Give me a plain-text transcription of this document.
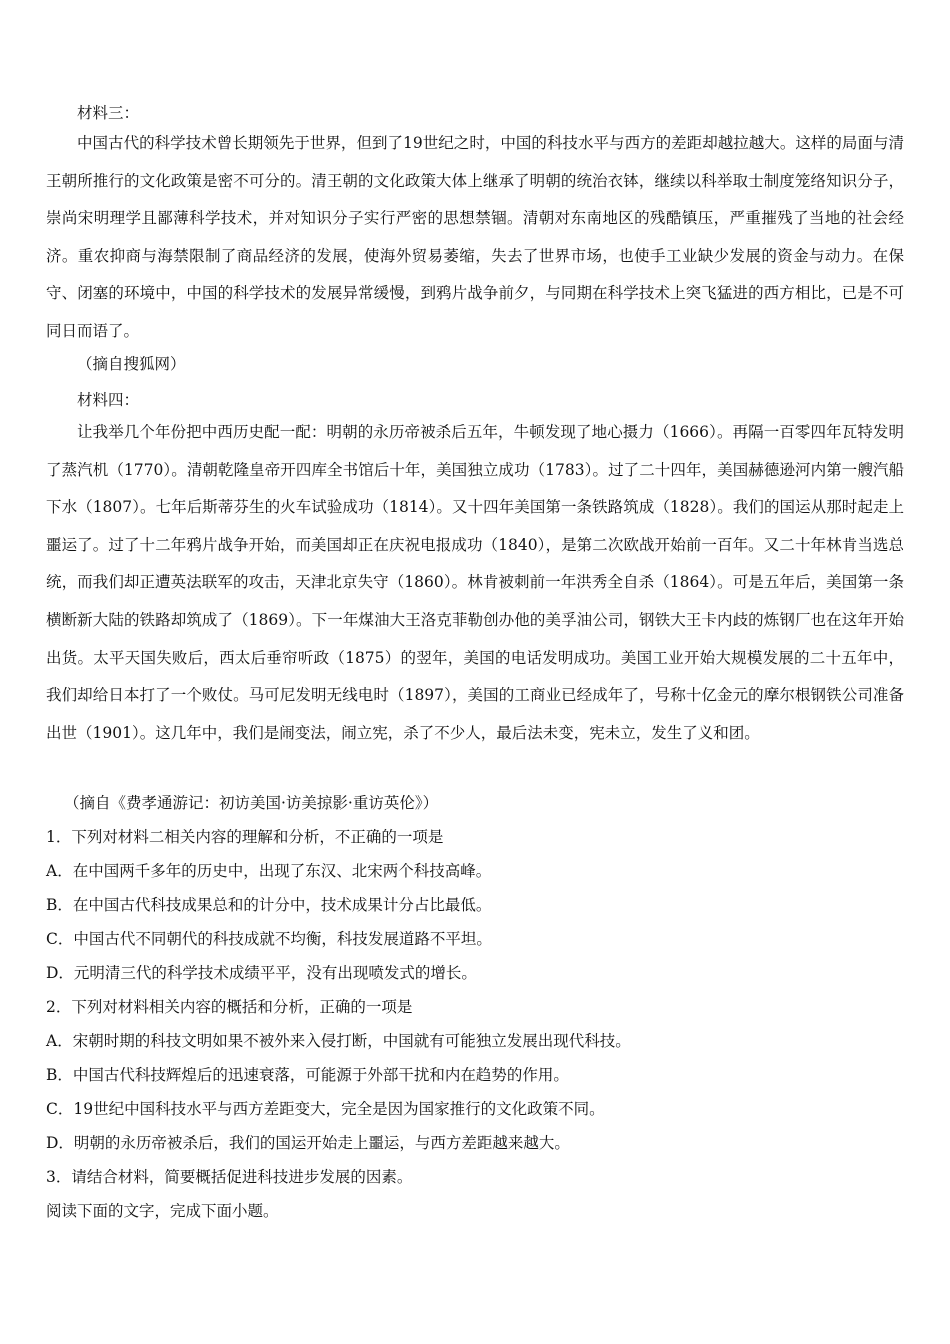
材料三：

中国古代的科学技术曾长期领先于世界，但到了19世纪之时，中国的科技水平与西方的差距却越拉越大。这样的局面与清王朝所推行的文化政策是密不可分的。清王朝的文化政策大体上继承了明朝的统治衣钵，继续以科举取士制度笼络知识分子，崇尚宋明理学且鄙薄科学技术，并对知识分子实行严密的思想禁锢。清朝对东南地区的残酷镇压，严重摧残了当地的社会经济。重农抑商与海禁限制了商品经济的发展，使海外贸易萎缩，失去了世界市场，也使手工业缺少发展的资金与动力。在保守、闭塞的环境中，中国的科学技术的发展异常缓慢，到鸦片战争前夕，与同期在科学技术上突飞猛进的西方相比，已是不可同日而语了。

（摘自搜狐网）

材料四：

让我举几个年份把中西历史配一配：明朝的永历帝被杀后五年，牛顿发现了地心摄力（1666）。再隔一百零四年瓦特发明了蒸汽机（1770）。清朝乾隆皇帝开四库全书馆后十年，美国独立成功（1783）。过了二十四年，美国赫德逊河内第一艘汽船下水（1807）。七年后斯蒂芬生的火车试验成功（1814）。又十四年美国第一条铁路筑成（1828）。我们的国运从那时起走上噩运了。过了十二年鸦片战争开始，而美国却正在庆祝电报成功（1840），是第二次欧战开始前一百年。又二十年林肯当选总统，而我们却正遭英法联军的攻击，天津北京失守（1860）。林肯被刺前一年洪秀全自杀（1864）。可是五年后，美国第一条横断新大陆的铁路却筑成了（1869）。下一年煤油大王洛克菲勒创办他的美孚油公司，钢铁大王卡内歧的炼钢厂也在这年开始出货。太平天国失败后，西太后垂帘听政（1875）的翌年，美国的电话发明成功。美国工业开始大规模发展的二十五年中，我们却给日本打了一个败仗。马可尼发明无线电时（1897），美国的工商业已经成年了，号称十亿金元的摩尔根钢铁公司准备出世（1901）。这几年中，我们是闹变法，闹立宪，杀了不少人，最后法未变，宪未立，发生了义和团。

（摘自《费孝通游记：初访美国·访美掠影·重访英伦》）

1．下列对材料二相关内容的理解和分析，不正确的一项是

A．在中国两千多年的历史中，出现了东汉、北宋两个科技高峰。

B．在中国古代科技成果总和的计分中，技术成果计分占比最低。

C．中国古代不同朝代的科技成就不均衡，科技发展道路不平坦。

D．元明清三代的科学技术成绩平平，没有出现喷发式的增长。

2．下列对材料相关内容的概括和分析，正确的一项是

A．宋朝时期的科技文明如果不被外来入侵打断，中国就有可能独立发展出现代科技。

B．中国古代科技辉煌后的迅速衰落，可能源于外部干扰和内在趋势的作用。

C．19世纪中国科技水平与西方差距变大，完全是因为国家推行的文化政策不同。

D．明朝的永历帝被杀后，我们的国运开始走上噩运，与西方差距越来越大。

3．请结合材料，简要概括促进科技进步发展的因素。

阅读下面的文字，完成下面小题。
